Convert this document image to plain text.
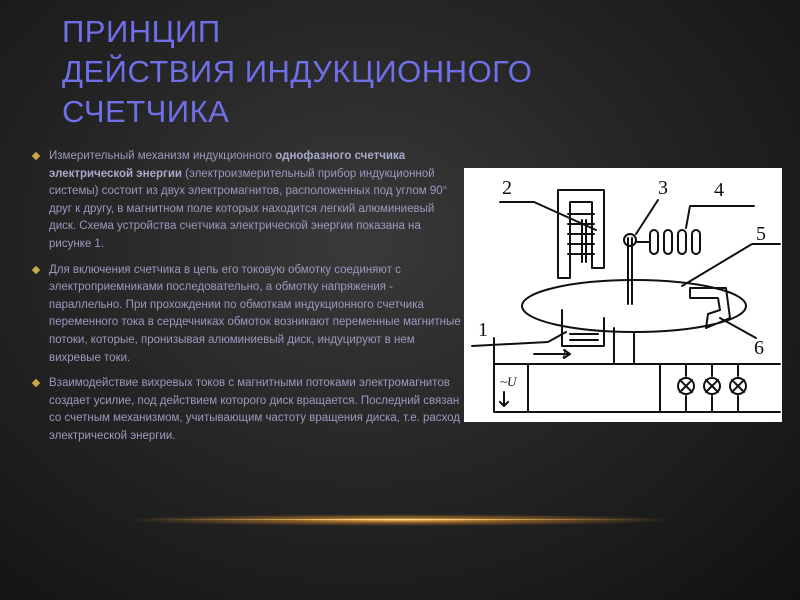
ПРИНЦИП
ДЕЙСТВИЯ ИНДУКЦИОННОГО
СЧЕТЧИКА

Измерительный механизм индукционного однофазного счетчика электрической энергии (электроизмерительный прибор индукционной системы) состоит из двух электромагнитов, расположенных под углом 90° друг к другу, в магнитном поле которых находится легкий алюминиевый диск. Схема устройства счетчика электрической энергии показана на рисунке 1.

Для включения счетчика в цепь его токовую обмотку соединяют с электроприемниками последовательно, а обмотку напряжения - параллельно. При прохождении по обмоткам индукционного счетчика переменного тока в сердечниках обмоток возникают переменные магнитные потоки, которые, пронизывая алюминиевый диск, индуцируют в нем вихревые токи.

Взаимодействие вихревых токов с магнитными потоками электромагнитов создает усилие, под действием которого диск вращается. Последний связан со счетным механизмом, учитывающим частоту вращения диска, т.е. расход электрической энергии.

2	3 4
5
6
1
I
~U
